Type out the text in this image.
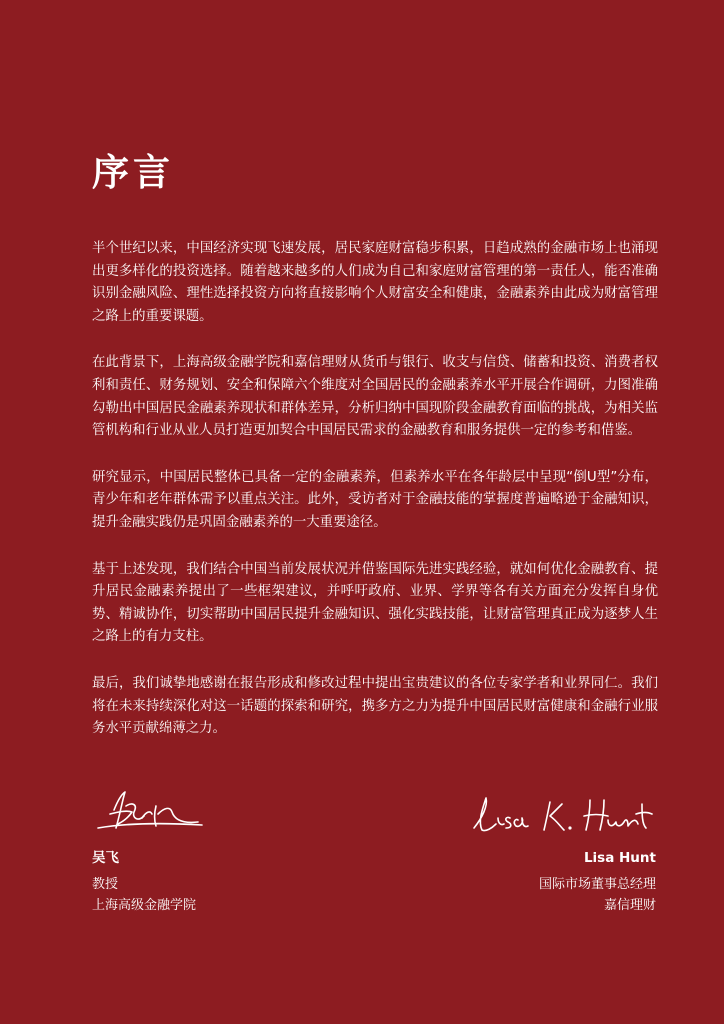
序言

半个世纪以来，中国经济实现飞速发展，居民家庭财富稳步积累，日趋成熟的金融市场上也涌现出更多样化的投资选择。随着越来越多的人们成为自己和家庭财富管理的第一责任人，能否准确识别金融风险、理性选择投资方向将直接影响个人财富安全和健康，金融素养由此成为财富管理之路上的重要课题。

在此背景下，上海高级金融学院和嘉信理财从货币与银行、收支与信贷、储蓄和投资、消费者权利和责任、财务规划、安全和保障六个维度对全国居民的金融素养水平开展合作调研，力图准确勾勒出中国居民金融素养现状和群体差异，分析归纳中国现阶段金融教育面临的挑战，为相关监管机构和行业从业人员打造更加契合中国居民需求的金融教育和服务提供一定的参考和借鉴。

研究显示，中国居民整体已具备一定的金融素养，但素养水平在各年龄层中呈现“倒U型”分布，青少年和老年群体需予以重点关注。此外，受访者对于金融技能的掌握度普遍略逊于金融知识，提升金融实践仍是巩固金融素养的一大重要途径。

基于上述发现，我们结合中国当前发展状况并借鉴国际先进实践经验，就如何优化金融教育、提升居民金融素养提出了一些框架建议，并呼吁政府、业界、学界等各有关方面充分发挥自身优势、精诚协作，切实帮助中国居民提升金融知识、强化实践技能，让财富管理真正成为逐梦人生之路上的有力支柱。

最后，我们诚挚地感谢在报告形成和修改过程中提出宝贵建议的各位专家学者和业界同仁。我们将在未来持续深化对这一话题的探索和研究，携多方之力为提升中国居民财富健康和金融行业服务水平贡献绵薄之力。

吴飞
教授
上海高级金融学院
Lisa Hunt
国际市场董事总经理
嘉信理财
